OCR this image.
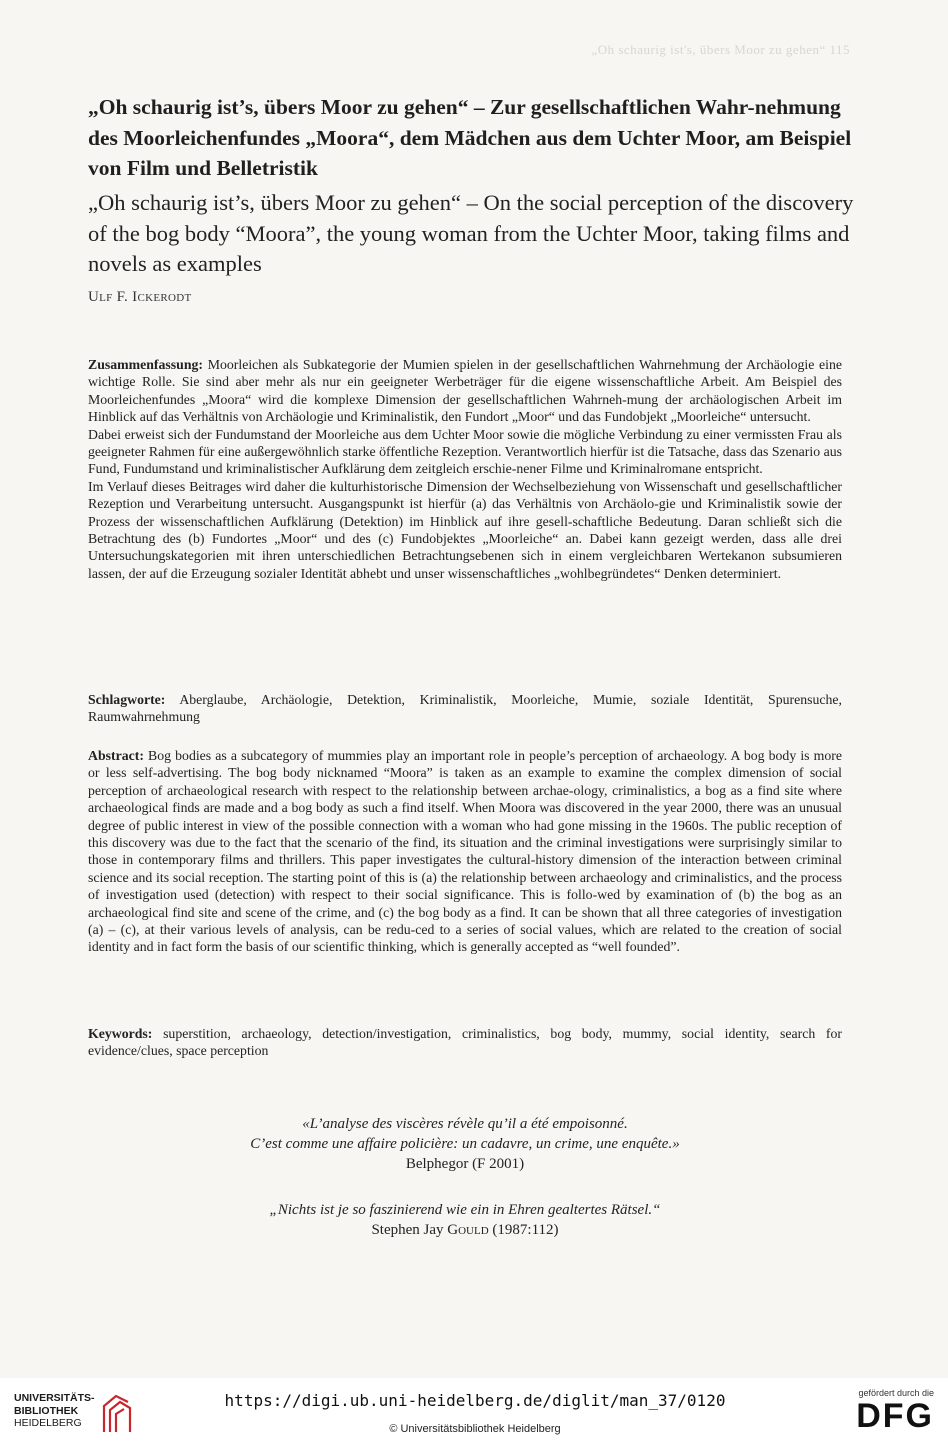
„Oh schaurig ist's, übers Moor zu gehen“ 115
„Oh schaurig ist’s, übers Moor zu gehen“ – Zur gesellschaftlichen Wahr-nehmung des Moorleichenfundes „Moora“, dem Mädchen aus dem Uchter Moor, am Beispiel von Film und Belletristik
„Oh schaurig ist’s, übers Moor zu gehen“ – On the social perception of the discovery of the bog body “Moora”, the young woman from the Uchter Moor, taking films and novels as examples
Ulf F. Ickerodt

Zusammenfassung: Moorleichen als Subkategorie der Mumien spielen in der gesellschaftlichen Wahrnehmung der Archäologie eine wichtige Rolle. Sie sind aber mehr als nur ein geeigneter Werbeträger für die eigene wissenschaftliche Arbeit. Am Beispiel des Moorleichenfundes „Moora“ wird die komplexe Dimension der gesellschaftlichen Wahrneh-mung der archäologischen Arbeit im Hinblick auf das Verhältnis von Archäologie und Kriminalistik, den Fundort „Moor“ und das Fundobjekt „Moorleiche“ untersucht.

Dabei erweist sich der Fundumstand der Moorleiche aus dem Uchter Moor sowie die mögliche Verbindung zu einer vermissten Frau als geeigneter Rahmen für eine außergewöhnlich starke öffentliche Rezeption. Verantwortlich hierfür ist die Tatsache, dass das Szenario aus Fund, Fundumstand und kriminalistischer Aufklärung dem zeitgleich erschie-nener Filme und Kriminalromane entspricht.

Im Verlauf dieses Beitrages wird daher die kulturhistorische Dimension der Wechselbeziehung von Wissenschaft und gesellschaftlicher Rezeption und Verarbeitung untersucht. Ausgangspunkt ist hierfür (a) das Verhältnis von Archäolo-gie und Kriminalistik sowie der Prozess der wissenschaftlichen Aufklärung (Detektion) im Hinblick auf ihre gesell-schaftliche Bedeutung. Daran schließt sich die Betrachtung des (b) Fundortes „Moor“ und des (c) Fundobjektes „Moorleiche“ an. Dabei kann gezeigt werden, dass alle drei Untersuchungskategorien mit ihren unterschiedlichen Betrachtungsebenen sich in einem vergleichbaren Wertekanon subsumieren lassen, der auf die Erzeugung sozialer Identität abhebt und unser wissenschaftliches „wohlbegründetes“ Denken determiniert.

Schlagworte: Aberglaube, Archäologie, Detektion, Kriminalistik, Moorleiche, Mumie, soziale Identität, Spurensuche, Raumwahrnehmung

Abstract: Bog bodies as a subcategory of mummies play an important role in people’s perception of archaeology. A bog body is more or less self-advertising. The bog body nicknamed “Moora” is taken as an example to examine the complex dimension of social perception of archaeological research with respect to the relationship between archae-ology, criminalistics, a bog as a find site where archaeological finds are made and a bog body as such a find itself. When Moora was discovered in the year 2000, there was an unusual degree of public interest in view of the possible connection with a woman who had gone missing in the 1960s. The public reception of this discovery was due to the fact that the scenario of the find, its situation and the criminal investigations were surprisingly similar to those in contemporary films and thrillers. This paper investigates the cultural-history dimension of the interaction between criminal science and its social reception. The starting point of this is (a) the relationship between archaeology and criminalistics, and the process of investigation used (detection) with respect to their social significance. This is follo-wed by examination of (b) the bog as an archaeological find site and scene of the crime, and (c) the bog body as a find. It can be shown that all three categories of investigation (a) – (c), at their various levels of analysis, can be redu-ced to a series of social values, which are related to the creation of social identity and in fact form the basis of our scientific thinking, which is generally accepted as “well founded”.

Keywords: superstition, archaeology, detection/investigation, criminalistics, bog body, mummy, social identity, search for evidence/clues, space perception

«L’analyse des viscères révèle qu’il a été empoisonné.
C’est comme une affaire policière: un cadavre, un crime, une enquête.»
Belphegor (F 2001)
„Nichts ist je so faszinierend wie ein in Ehren gealtertes Rätsel.“
Stephen Jay Gould (1987:112)
UNIVERSITÄTS-
BIBLIOTHEK
HEIDELBERG
https://digi.ub.uni-heidelberg.de/diglit/man_37/0120
© Universitätsbibliothek Heidelberg
gefördert durch die
DFG
